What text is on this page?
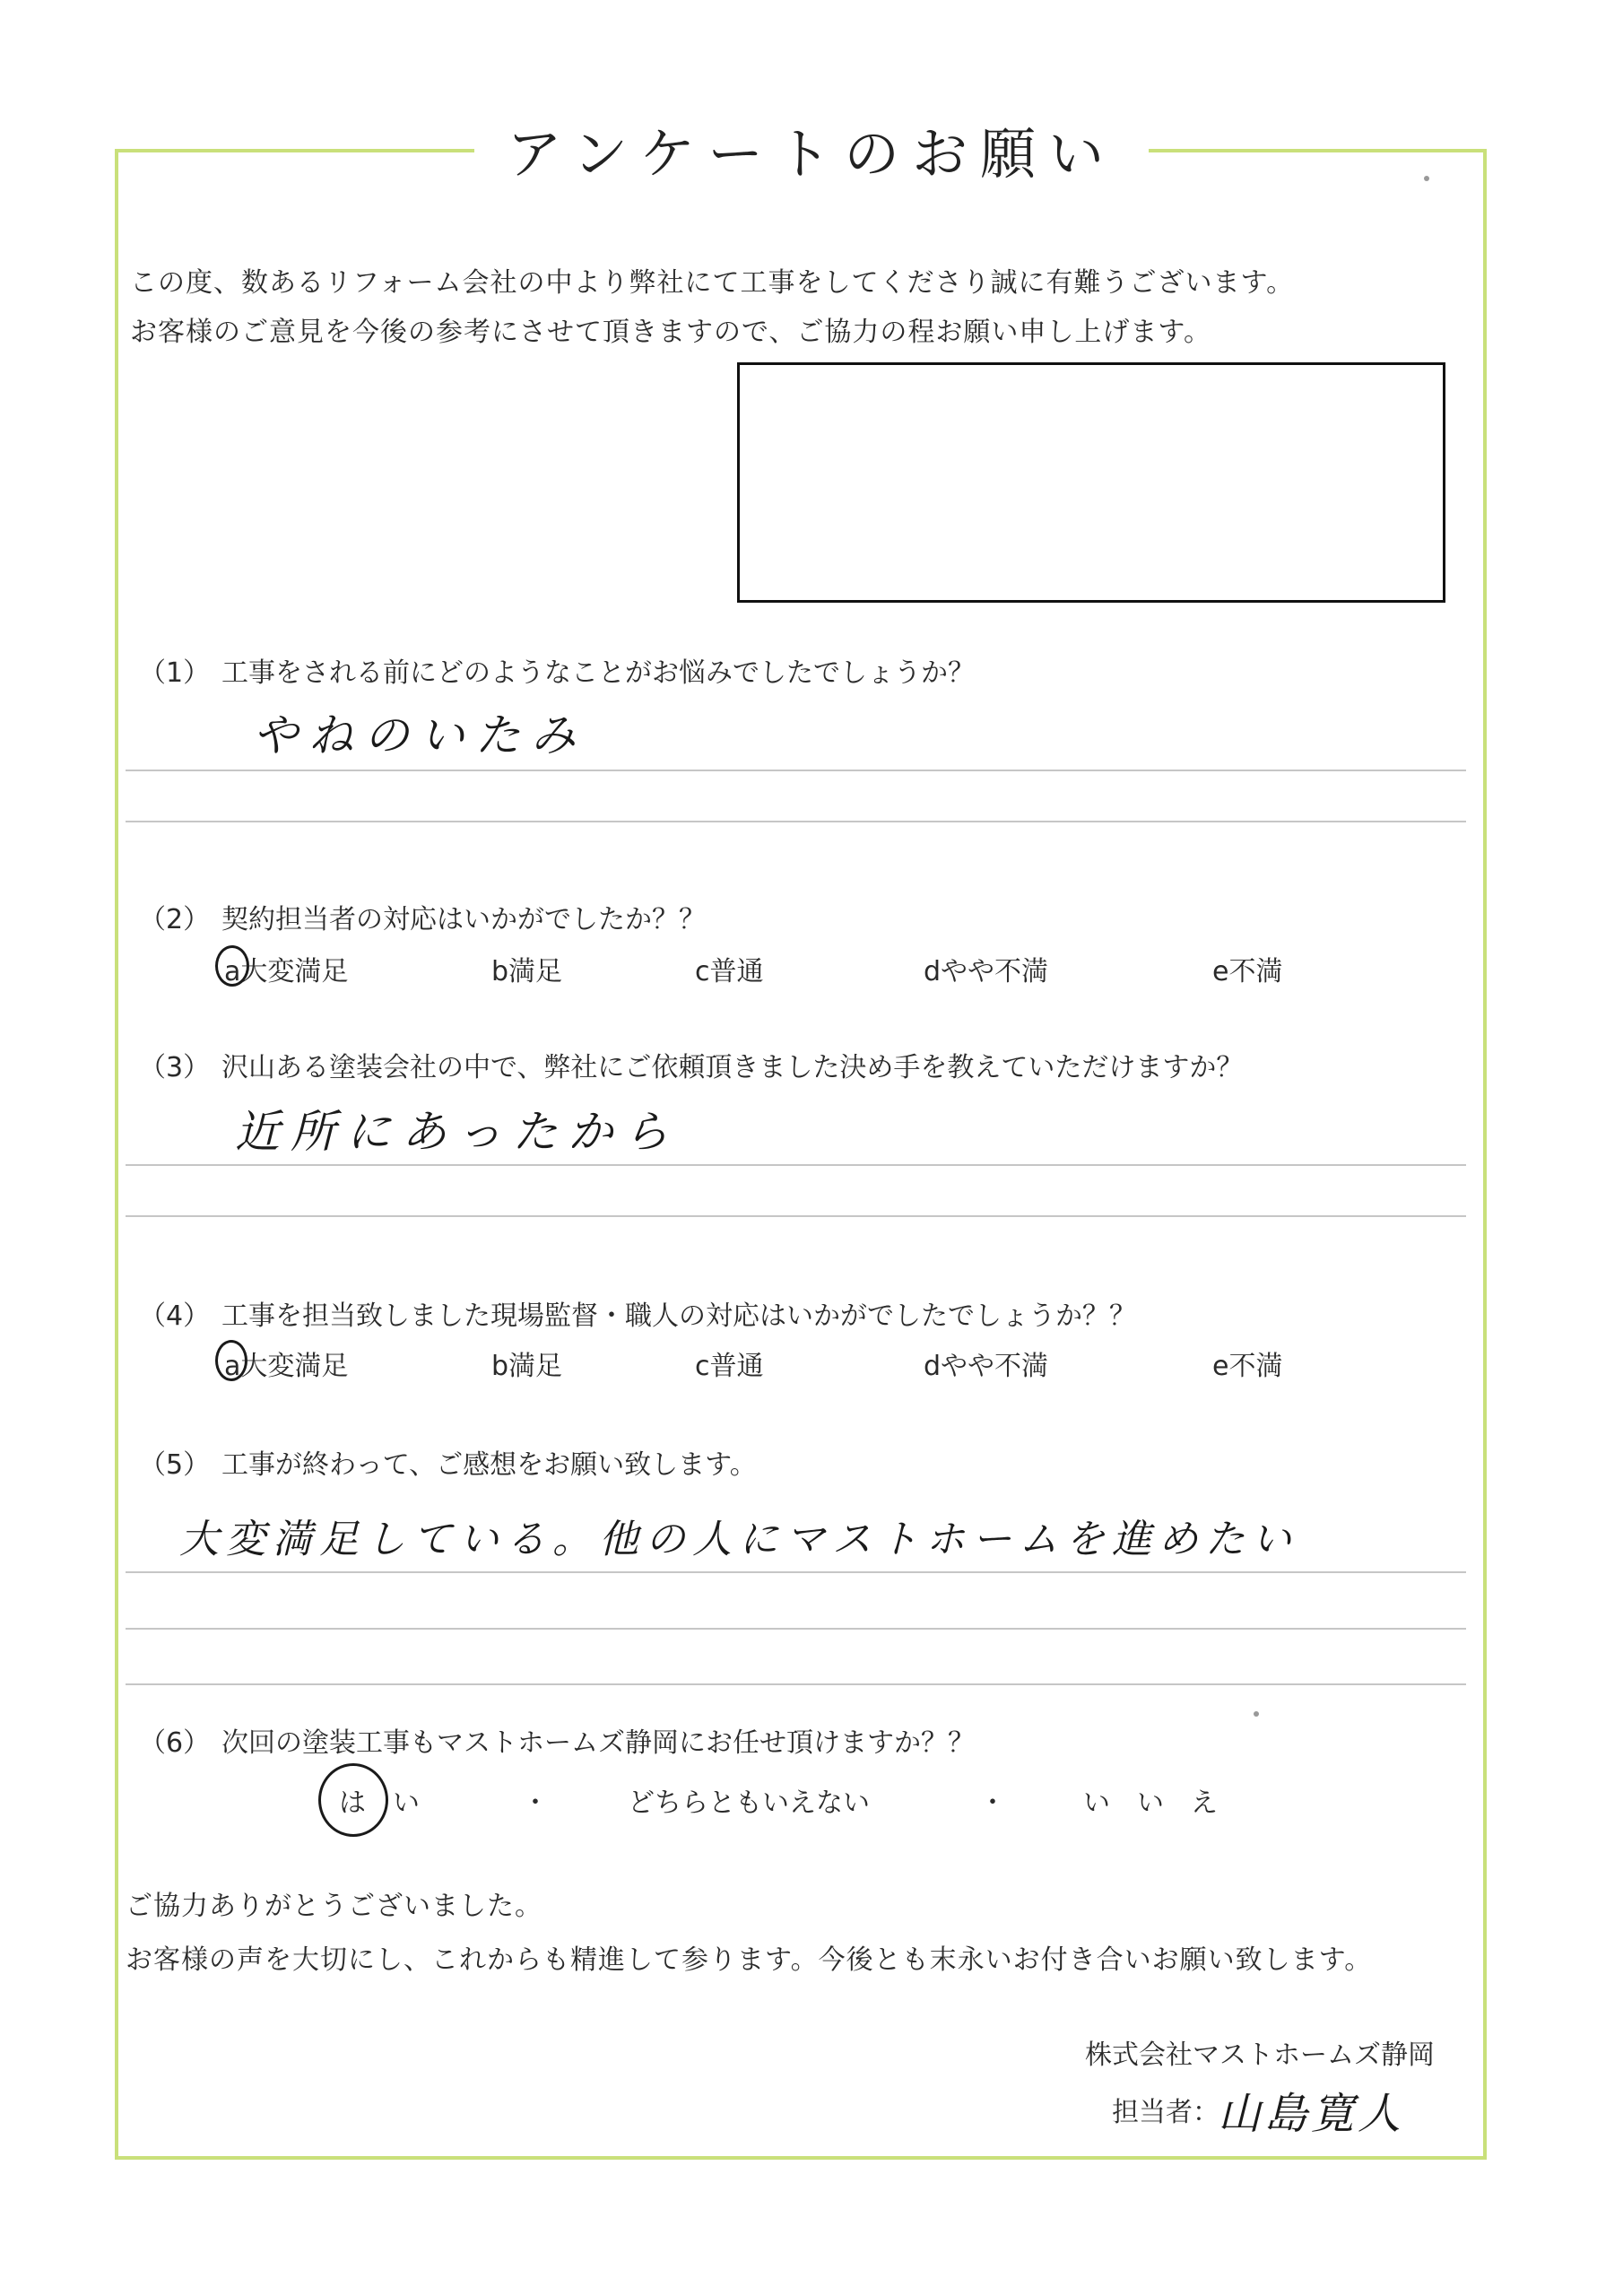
アンケートのお願い
この度、数あるリフォーム会社の中より弊社にて工事をしてくださり誠に有難うございます。
お客様のご意見を今後の参考にさせて頂きますので、ご協力の程お願い申し上げます。
（1） 工事をされる前にどのようなことがお悩みでしたでしょうか？
やねのいたみ
（2） 契約担当者の対応はいかがでしたか？？
a大変満足	b満足	c普通	dやや不満	e不満
（3） 沢山ある塗装会社の中で、弊社にご依頼頂きました決め手を教えていただけますか？
近所にあったから
（4） 工事を担当致しました現場監督・職人の対応はいかがでしたでしょうか？？
a大変満足	b満足	c普通	dやや不満	e不満
（5） 工事が終わって、ご感想をお願い致します。
大変満足している。他の人にマストホームを進めたい
（6） 次回の塗装工事もマストホームズ静岡にお任せ頂けますか？？
は　い	・	どちらともいえない	・	い　い　え
ご協力ありがとうございました。
お客様の声を大切にし、これからも精進して参ります。今後とも末永いお付き合いお願い致します。
株式会社マストホームズ静岡
担当者：
山島寛人
